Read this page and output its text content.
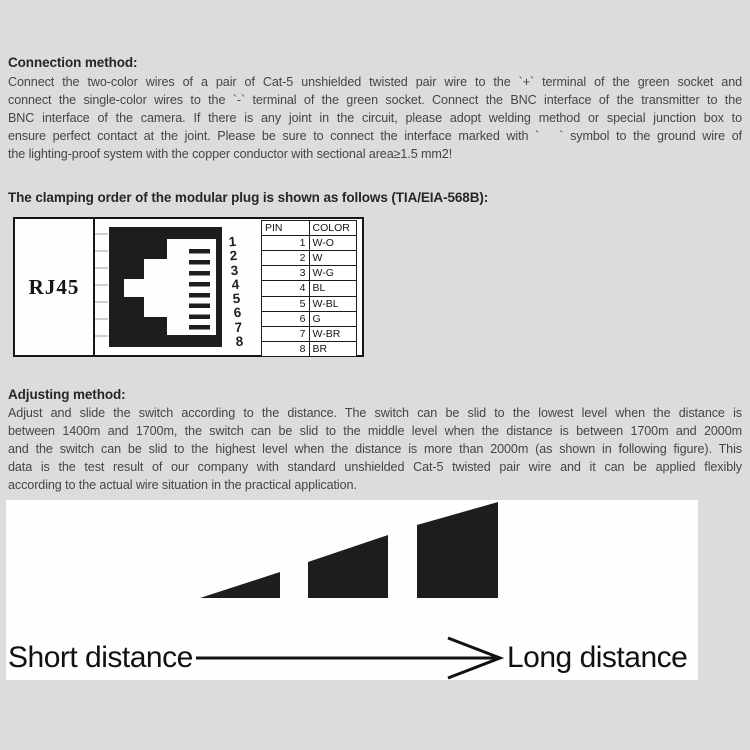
Connection method:
Connect the two-color wires of a pair of Cat-5 unshielded twisted pair wire to the `+` terminal of the green socket and
connect the single-color wires to the `-` terminal of the green socket. Connect the BNC interface of the transmitter to the
BNC interface of the camera. If there is any joint in the circuit, please adopt welding method or special junction box to
ensure perfect contact at the joint. Please be sure to connect the interface marked with `   ` symbol to the ground wire of
the lighting-proof system with the copper conductor with sectional area≥1.5 mm2!
The clamping order of the modular plug is shown as follows (TIA/EIA-568B):
RJ45
1
2
3
4
5
6
7
8
PIN	COLOR
1	W-O
2	W
3	W-G
4	BL
5	W-BL
6	G
7	W-BR
8	BR
Adjusting method:
Adjust and slide the switch according to the distance. The switch can be slid to the lowest level when the distance is
between 1400m and 1700m, the switch can be slid to the middle level when the distance is between 1700m and 2000m
and the switch can be slid to the highest level when the distance is more than 2000m (as shown in following figure). This
data is the test result of our company with standard unshielded Cat-5 twisted pair wire and it can be applied flexibly
according to the actual wire situation in the practical application.
Short distance	Long distance
